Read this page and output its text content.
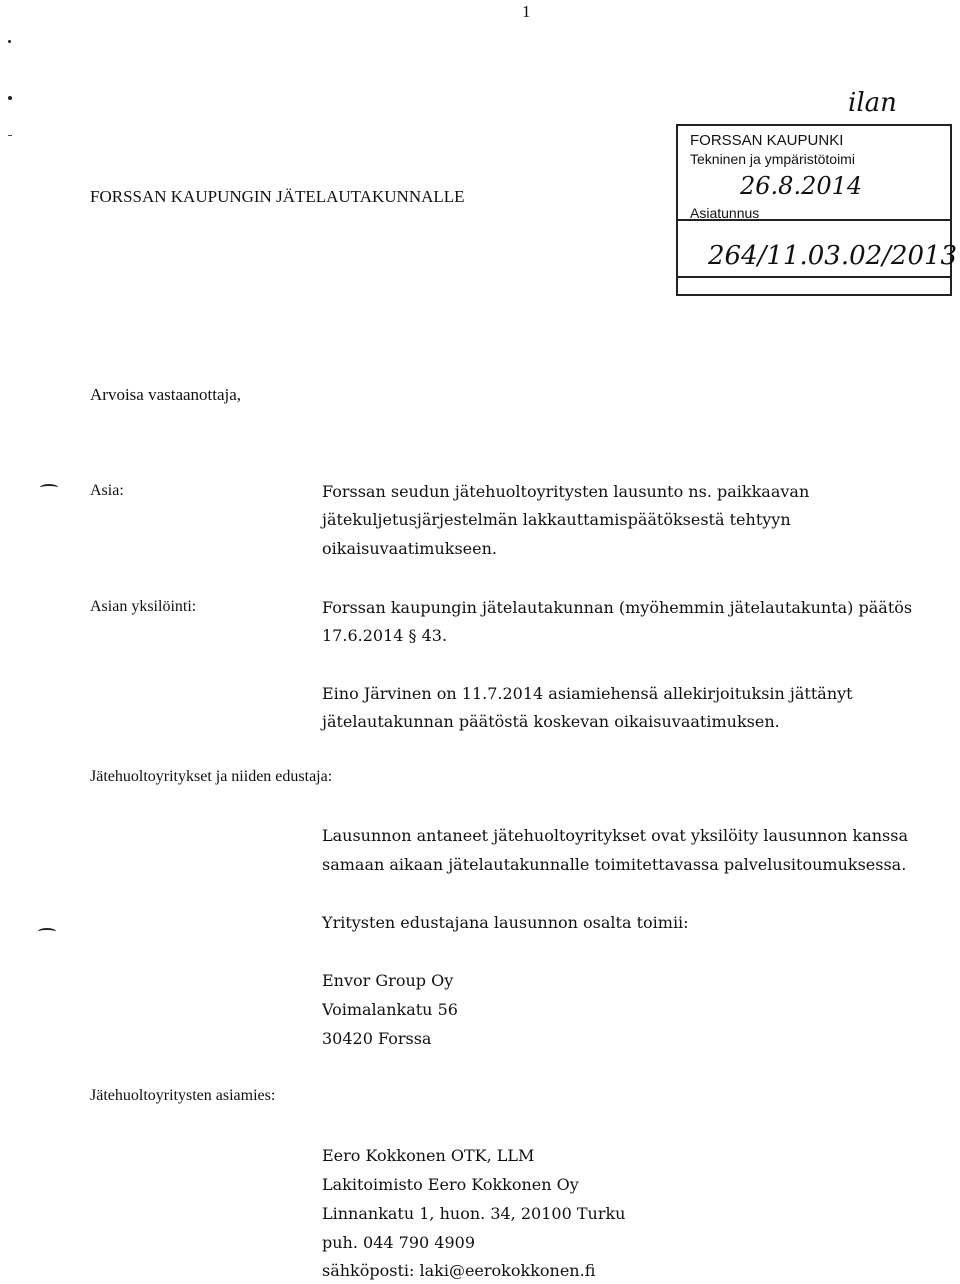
1
FORSSAN KAUPUNGIN JÄTELAUTAKUNNALLE
ilan
FORSSAN KAUPUNKI
Tekninen ja ympäristötoimi
26.8.2014
Asiatunnus
264/11.03.02/2013
Arvoisa vastaanottaja,
Asia:	Forssan seudun jätehuoltoyritysten lausunto ns. paikkaavan
jätekuljetusjärjestelmän lakkauttamispäätöksestä tehtyyn
oikaisuvaatimukseen.
Asian yksilöinti:	Forssan kaupungin jätelautakunnan (myöhemmin jätelautakunta) päätös
17.6.2014 § 43.
Eino Järvinen on 11.7.2014 asiamiehensä allekirjoituksin jättänyt
jätelautakunnan päätöstä koskevan oikaisuvaatimuksen.
Jätehuoltoyritykset ja niiden edustaja:
Lausunnon antaneet jätehuoltoyritykset ovat yksilöity lausunnon kanssa
samaan aikaan jätelautakunnalle toimitettavassa palvelusitoumuksessa.
Yritysten edustajana lausunnon osalta toimii:
Envor Group Oy
Voimalankatu 56
30420 Forssa
Jätehuoltoyritysten asiamies:
Eero Kokkonen OTK, LLM
Lakitoimisto Eero Kokkonen Oy
Linnankatu 1, huon. 34, 20100 Turku
puh. 044 790 4909
sähköposti: laki@eerokokkonen.fi
